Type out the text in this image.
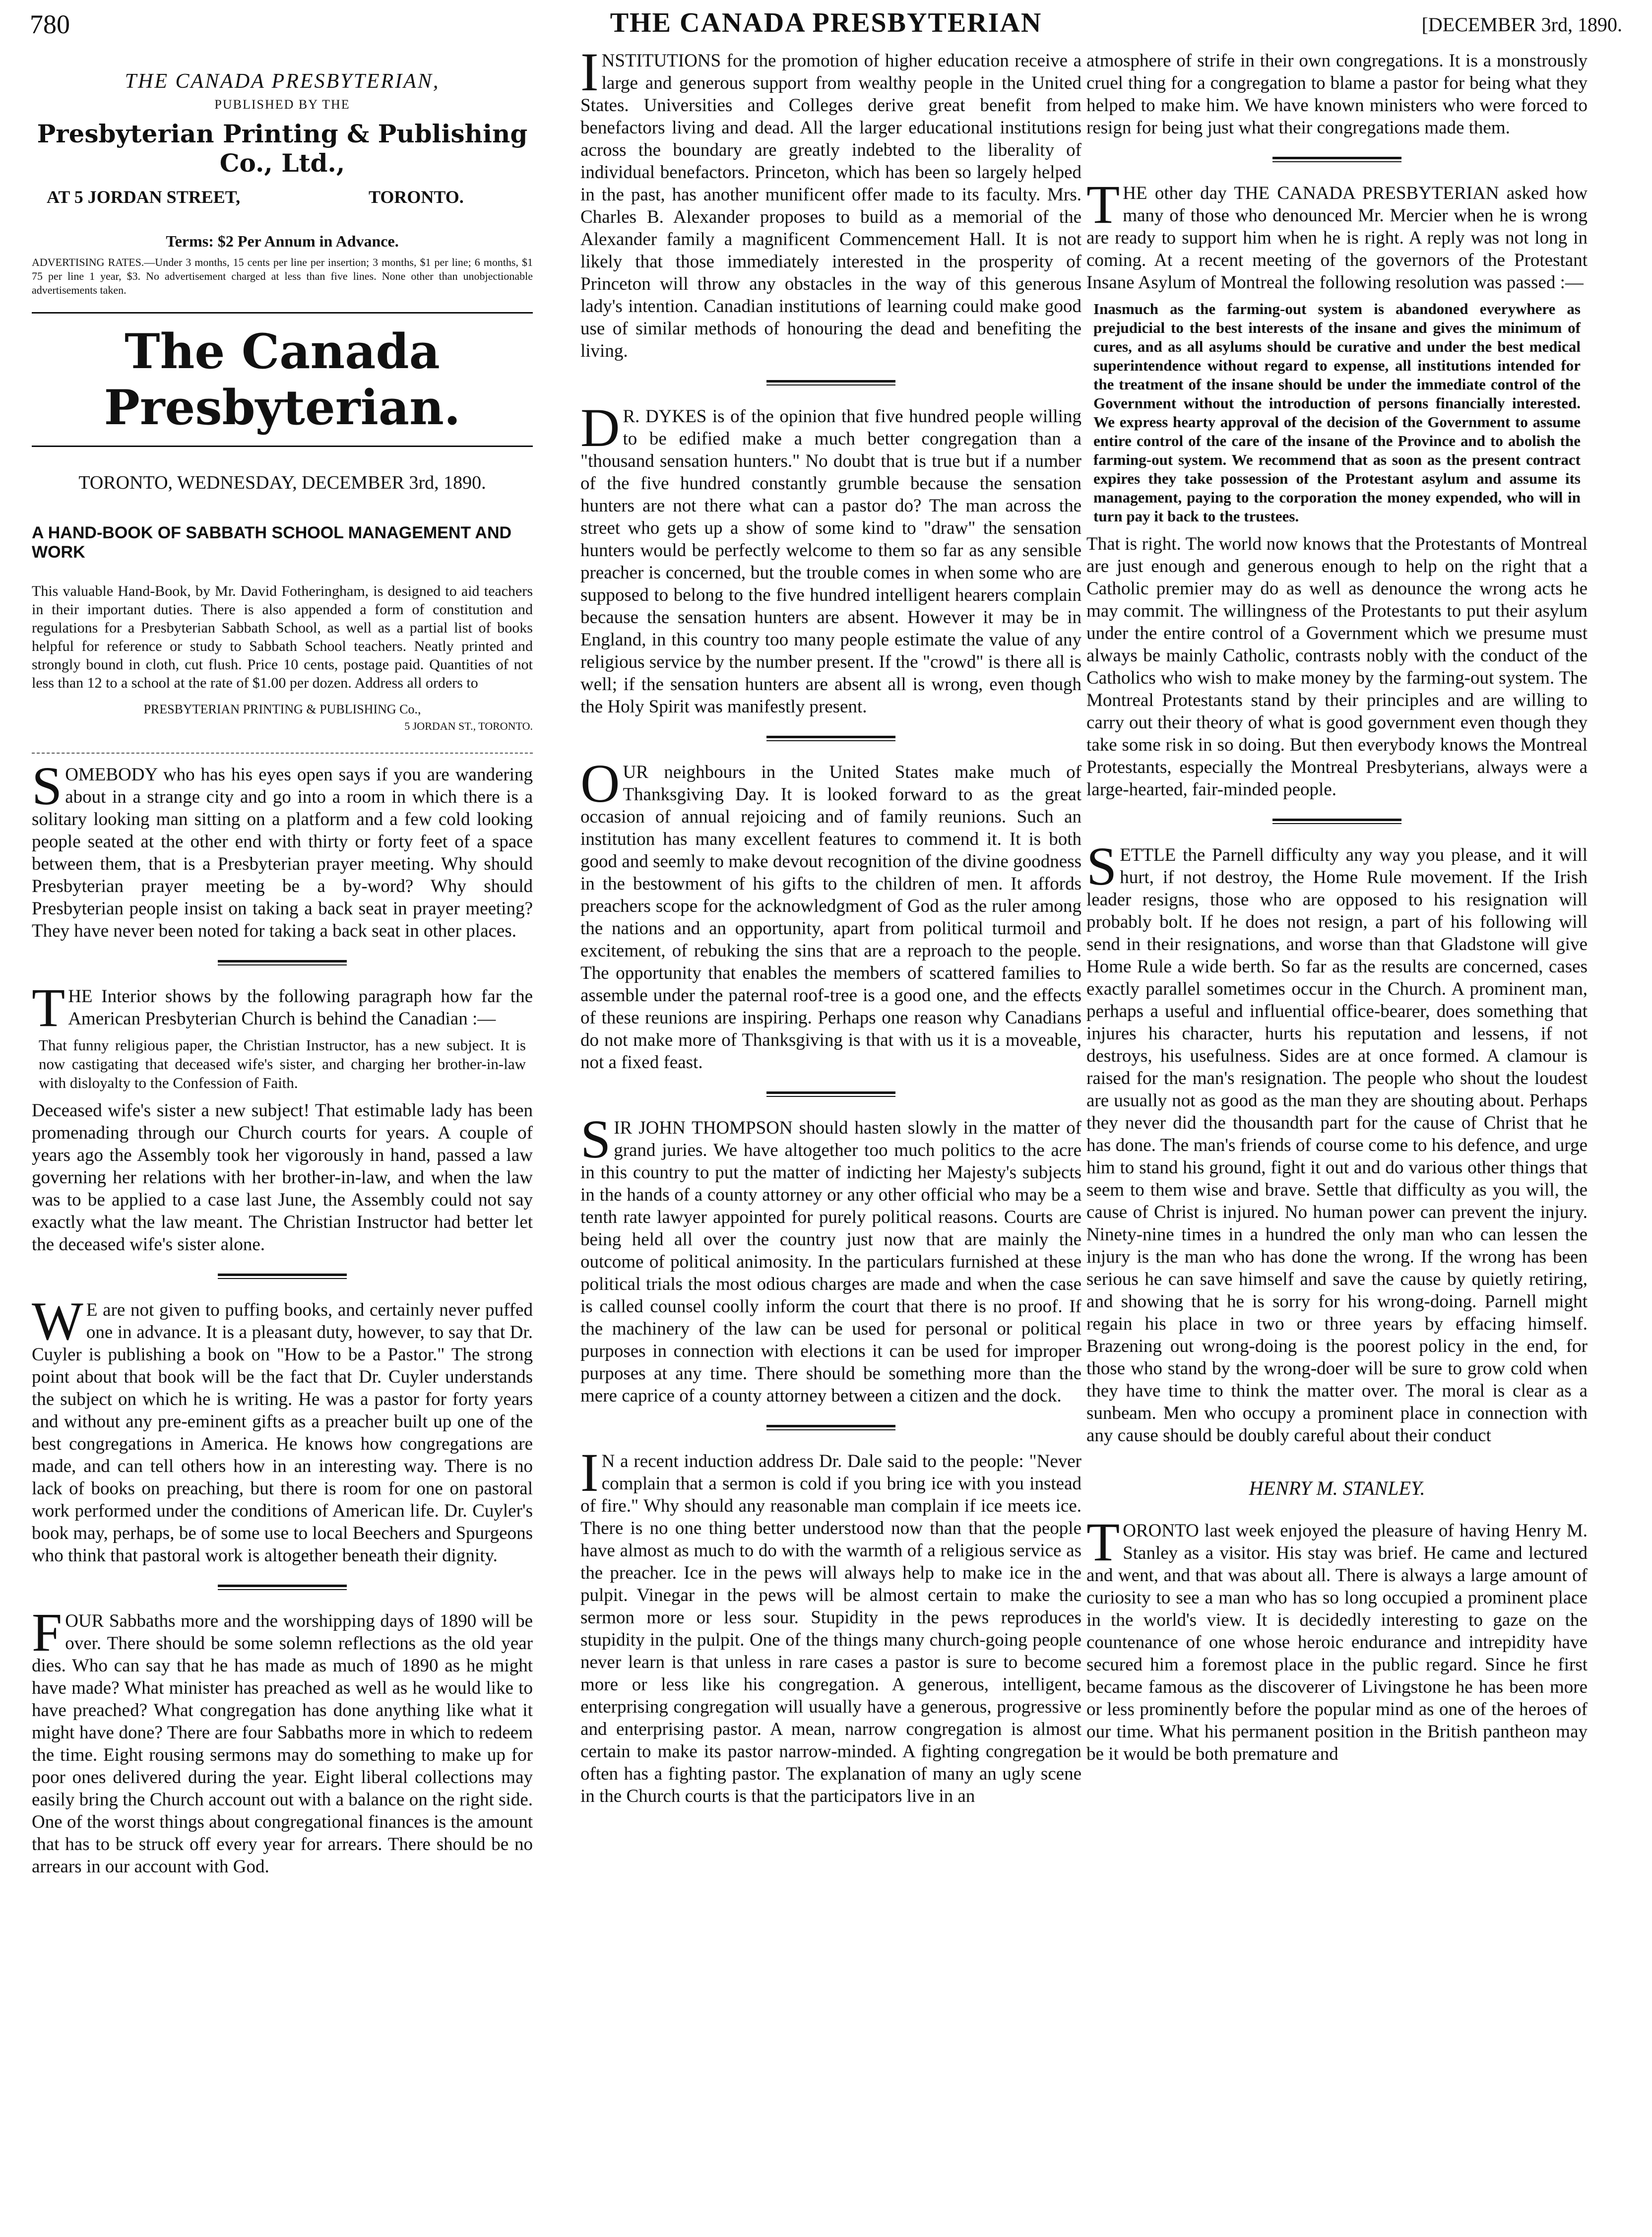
780	THE CANADA PRESBYTERIAN	[DECEMBER 3rd, 1890.
THE CANADA PRESBYTERIAN,
PUBLISHED BY THE
Presbyterian Printing & Publishing Co., Ltd.,
AT 5 JORDAN STREET,	TORONTO.
Terms: $2 Per Annum in Advance.
ADVERTISING RATES.—Under 3 months, 15 cents per line per insertion; 3 months, $1 per line; 6 months, $1 75 per line 1 year, $3. No advertisement charged at less than five lines. None other than unobjectionable advertisements taken.
The Canada Presbyterian.
TORONTO, WEDNESDAY, DECEMBER 3rd, 1890.
A HAND-BOOK OF SABBATH SCHOOL MANAGEMENT AND WORK

This valuable Hand-Book, by Mr. David Fotheringham, is designed to aid teachers in their important duties. There is also appended a form of constitution and regulations for a Presbyterian Sabbath School, as well as a partial list of books helpful for reference or study to Sabbath School teachers. Neatly printed and strongly bound in cloth, cut flush. Price 10 cents, postage paid. Quantities of not less than 12 to a school at the rate of $1.00 per dozen. Address all orders to

PRESBYTERIAN PRINTING & PUBLISHING Co.,
5 JORDAN ST., TORONTO.

SOMEBODY who has his eyes open says if you are wandering about in a strange city and go into a room in which there is a solitary looking man sitting on a platform and a few cold looking people seated at the other end with thirty or forty feet of a space between them, that is a Presbyterian prayer meeting. Why should Presbyterian prayer meeting be a by-word? Why should Presbyterian people insist on taking a back seat in prayer meeting? They have never been noted for taking a back seat in other places.

THE Interior shows by the following paragraph how far the American Presbyterian Church is behind the Canadian :—

That funny religious paper, the Christian Instructor, has a new subject. It is now castigating that deceased wife's sister, and charging her brother-in-law with disloyalty to the Confession of Faith.

Deceased wife's sister a new subject! That estimable lady has been promenading through our Church courts for years. A couple of years ago the Assembly took her vigorously in hand, passed a law governing her relations with her brother-in-law, and when the law was to be applied to a case last June, the Assembly could not say exactly what the law meant. The Christian Instructor had better let the deceased wife's sister alone.

W E are not given to puffing books, and certainly never puffed one in advance. It is a pleasant duty, however, to say that Dr. Cuyler is publishing a book on "How to be a Pastor." The strong point about that book will be the fact that Dr. Cuyler understands the subject on which he is writing. He was a pastor for forty years and without any pre-eminent gifts as a preacher built up one of the best congregations in America. He knows how congregations are made, and can tell others how in an interesting way. There is no lack of books on preaching, but there is room for one on pastoral work performed under the conditions of American life. Dr. Cuyler's book may, perhaps, be of some use to local Beechers and Spurgeons who think that pastoral work is altogether beneath their dignity.

FOUR Sabbaths more and the worshipping days of 1890 will be over. There should be some solemn reflections as the old year dies. Who can say that he has made as much of 1890 as he might have made? What minister has preached as well as he would like to have preached? What congregation has done anything like what it might have done? There are four Sabbaths more in which to redeem the time. Eight rousing sermons may do something to make up for poor ones delivered during the year. Eight liberal collections may easily bring the Church account out with a balance on the right side. One of the worst things about congregational finances is the amount that has to be struck off every year for arrears. There should be no arrears in our account with God.

INSTITUTIONS for the promotion of higher education receive a large and generous support from wealthy people in the United States. Universities and Colleges derive great benefit from benefactors living and dead. All the larger educational institutions across the boundary are greatly indebted to the liberality of individual benefactors. Princeton, which has been so largely helped in the past, has another munificent offer made to its faculty. Mrs. Charles B. Alexander proposes to build as a memorial of the Alexander family a magnificent Commencement Hall. It is not likely that those immediately interested in the prosperity of Princeton will throw any obstacles in the way of this generous lady's intention. Canadian institutions of learning could make good use of similar methods of honouring the dead and benefiting the living.

D R. DYKES is of the opinion that five hundred people willing to be edified make a much better congregation than a "thousand sensation hunters." No doubt that is true but if a number of the five hundred constantly grumble because the sensation hunters are not there what can a pastor do? The man across the street who gets up a show of some kind to "draw" the sensation hunters would be perfectly welcome to them so far as any sensible preacher is concerned, but the trouble comes in when some who are supposed to belong to the five hundred intelligent hearers complain because the sensation hunters are absent. However it may be in England, in this country too many people estimate the value of any religious service by the number present. If the "crowd" is there all is well; if the sensation hunters are absent all is wrong, even though the Holy Spirit was manifestly present.

OUR neighbours in the United States make much of Thanksgiving Day. It is looked forward to as the great occasion of annual rejoicing and of family reunions. Such an institution has many excellent features to commend it. It is both good and seemly to make devout recognition of the divine goodness in the bestowment of his gifts to the children of men. It affords preachers scope for the acknowledgment of God as the ruler among the nations and an opportunity, apart from political turmoil and excitement, of rebuking the sins that are a reproach to the people. The opportunity that enables the members of scattered families to assemble under the paternal roof-tree is a good one, and the effects of these reunions are inspiring. Perhaps one reason why Canadians do not make more of Thanksgiving is that with us it is a moveable, not a fixed feast.

SIR JOHN THOMPSON should hasten slowly in the matter of grand juries. We have altogether too much politics to the acre in this country to put the matter of indicting her Majesty's subjects in the hands of a county attorney or any other official who may be a tenth rate lawyer appointed for purely political reasons. Courts are being held all over the country just now that are mainly the outcome of political animosity. In the particulars furnished at these political trials the most odious charges are made and when the case is called counsel coolly inform the court that there is no proof. If the machinery of the law can be used for personal or political purposes in connection with elections it can be used for improper purposes at any time. There should be something more than the mere caprice of a county attorney between a citizen and the dock.

I N a recent induction address Dr. Dale said to the people: "Never complain that a sermon is cold if you bring ice with you instead of fire." Why should any reasonable man complain if ice meets ice. There is no one thing better understood now than that the people have almost as much to do with the warmth of a religious service as the preacher. Ice in the pews will always help to make ice in the pulpit. Vinegar in the pews will be almost certain to make the sermon more or less sour. Stupidity in the pews reproduces stupidity in the pulpit. One of the things many church-going people never learn is that unless in rare cases a pastor is sure to become more or less like his congregation. A generous, intelligent, enterprising congregation will usually have a generous, progressive and enterprising pastor. A mean, narrow congregation is almost certain to make its pastor narrow-minded. A fighting congregation often has a fighting pastor. The explanation of many an ugly scene in the Church courts is that the participators live in an

atmosphere of strife in their own congregations. It is a monstrously cruel thing for a congregation to blame a pastor for being what they helped to make him. We have known ministers who were forced to resign for being just what their congregations made them.

THE other day THE CANADA PRESBYTERIAN asked how many of those who denounced Mr. Mercier when he is wrong are ready to support him when he is right. A reply was not long in coming. At a recent meeting of the governors of the Protestant Insane Asylum of Montreal the following resolution was passed :—

Inasmuch as the farming-out system is abandoned everywhere as prejudicial to the best interests of the insane and gives the minimum of cures, and as all asylums should be curative and under the best medical superintendence without regard to expense, all institutions intended for the treatment of the insane should be under the immediate control of the Government without the introduction of persons financially interested. We express hearty approval of the decision of the Government to assume entire control of the care of the insane of the Province and to abolish the farming-out system. We recommend that as soon as the present contract expires they take possession of the Protestant asylum and assume its management, paying to the corporation the money expended, who will in turn pay it back to the trustees.

That is right. The world now knows that the Protestants of Montreal are just enough and generous enough to help on the right that a Catholic premier may do as well as denounce the wrong acts he may commit. The willingness of the Protestants to put their asylum under the entire control of a Government which we presume must always be mainly Catholic, contrasts nobly with the conduct of the Catholics who wish to make money by the farming-out system. The Montreal Protestants stand by their principles and are willing to carry out their theory of what is good government even though they take some risk in so doing. But then everybody knows the Montreal Protestants, especially the Montreal Presbyterians, always were a large-hearted, fair-minded people.

SETTLE the Parnell difficulty any way you please, and it will hurt, if not destroy, the Home Rule movement. If the Irish leader resigns, those who are opposed to his resignation will probably bolt. If he does not resign, a part of his following will send in their resignations, and worse than that Gladstone will give Home Rule a wide berth. So far as the results are concerned, cases exactly parallel sometimes occur in the Church. A prominent man, perhaps a useful and influential office-bearer, does something that injures his character, hurts his reputation and lessens, if not destroys, his usefulness. Sides are at once formed. A clamour is raised for the man's resignation. The people who shout the loudest are usually not as good as the man they are shouting about. Perhaps they never did the thousandth part for the cause of Christ that he has done. The man's friends of course come to his defence, and urge him to stand his ground, fight it out and do various other things that seem to them wise and brave. Settle that difficulty as you will, the cause of Christ is injured. No human power can prevent the injury. Ninety-nine times in a hundred the only man who can lessen the injury is the man who has done the wrong. If the wrong has been serious he can save himself and save the cause by quietly retiring, and showing that he is sorry for his wrong-doing. Parnell might regain his place in two or three years by effacing himself. Brazening out wrong-doing is the poorest policy in the end, for those who stand by the wrong-doer will be sure to grow cold when they have time to think the matter over. The moral is clear as a sunbeam. Men who occupy a prominent place in connection with any cause should be doubly careful about their conduct

HENRY M. STANLEY.

TORONTO last week enjoyed the pleasure of having Henry M. Stanley as a visitor. His stay was brief. He came and lectured and went, and that was about all. There is always a large amount of curiosity to see a man who has so long occupied a prominent place in the world's view. It is decidedly interesting to gaze on the countenance of one whose heroic endurance and intrepidity have secured him a foremost place in the public regard. Since he first became famous as the discoverer of Livingstone he has been more or less prominently before the popular mind as one of the heroes of our time. What his permanent position in the British pantheon may be it would be both premature and
